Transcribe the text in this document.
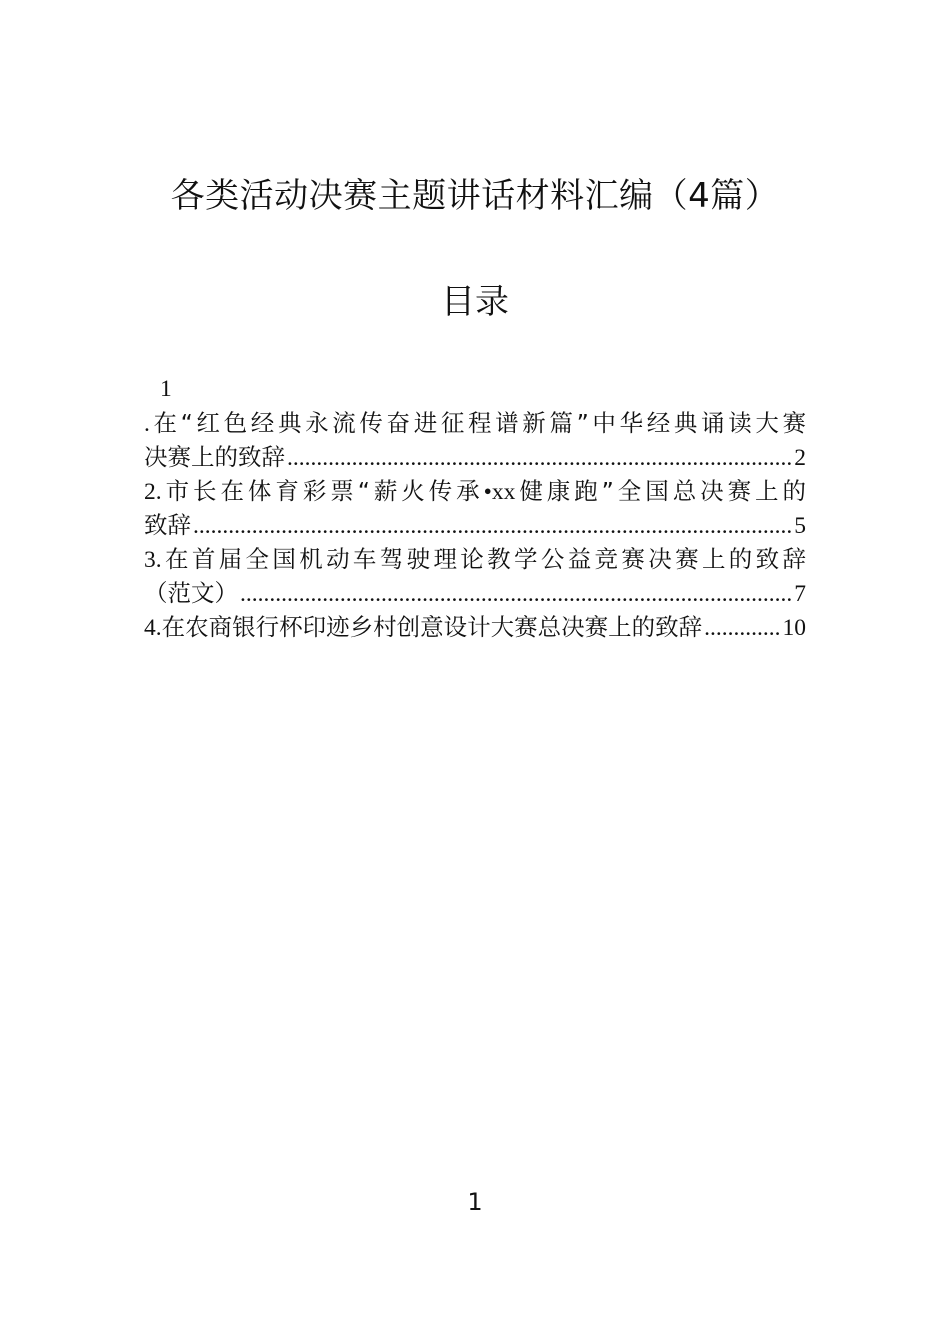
各类活动决赛主题讲话材料汇编（4篇）
目录
1
.在“红色经典永流传奋进征程谱新篇”中华经典诵读大赛
决赛上的致辞 .....	2
2.市长在体育彩票“薪火传承•xx健康跑”全国总决赛上的
致辞 .....	5
3.在首届全国机动车驾驶理论教学公益竞赛决赛上的致辞
（范文） .....	7
4.在农商银行杯印迹乡村创意设计大赛总决赛上的致辞 .....	10
1
